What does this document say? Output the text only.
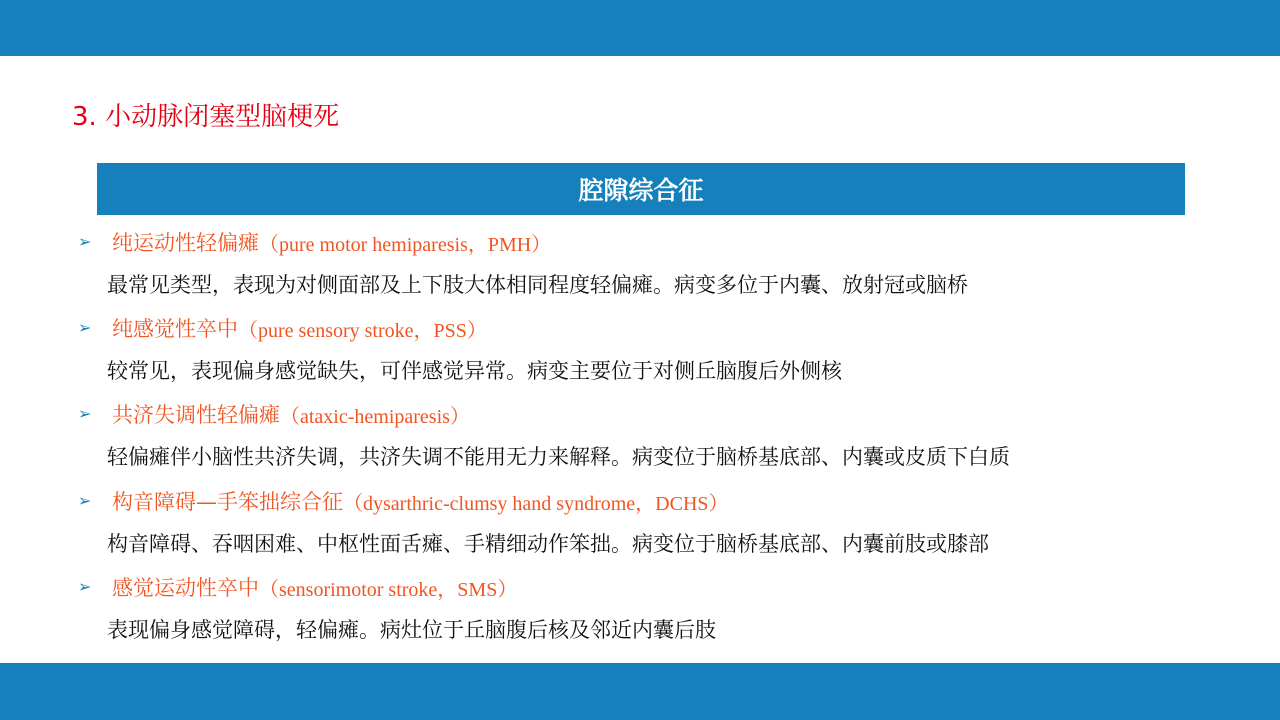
3. 小动脉闭塞型脑梗死
腔隙综合征
➢ 纯运动性轻偏瘫 （pure motor hemiparesis，PMH）
最常见类型，表现为对侧面部及上下肢大体相同程度轻偏瘫。病变多位于内囊、放射冠或脑桥
➢ 纯感觉性卒中 （pure sensory stroke，PSS）
较常见，表现偏身感觉缺失，可伴感觉异常。病变主要位于对侧丘脑腹后外侧核
➢ 共济失调性轻偏瘫 （ataxic-hemiparesis）
轻偏瘫伴小脑性共济失调，共济失调不能用无力来解释。病变位于脑桥基底部、内囊或皮质下白质
➢ 构音障碍—手笨拙综合征 （dysarthric-clumsy hand syndrome，DCHS）
构音障碍、吞咽困难、中枢性面舌瘫、手精细动作笨拙。病变位于脑桥基底部、内囊前肢或膝部
➢ 感觉运动性卒中 （sensorimotor stroke，SMS）
表现偏身感觉障碍，轻偏瘫。病灶位于丘脑腹后核及邻近内囊后肢
